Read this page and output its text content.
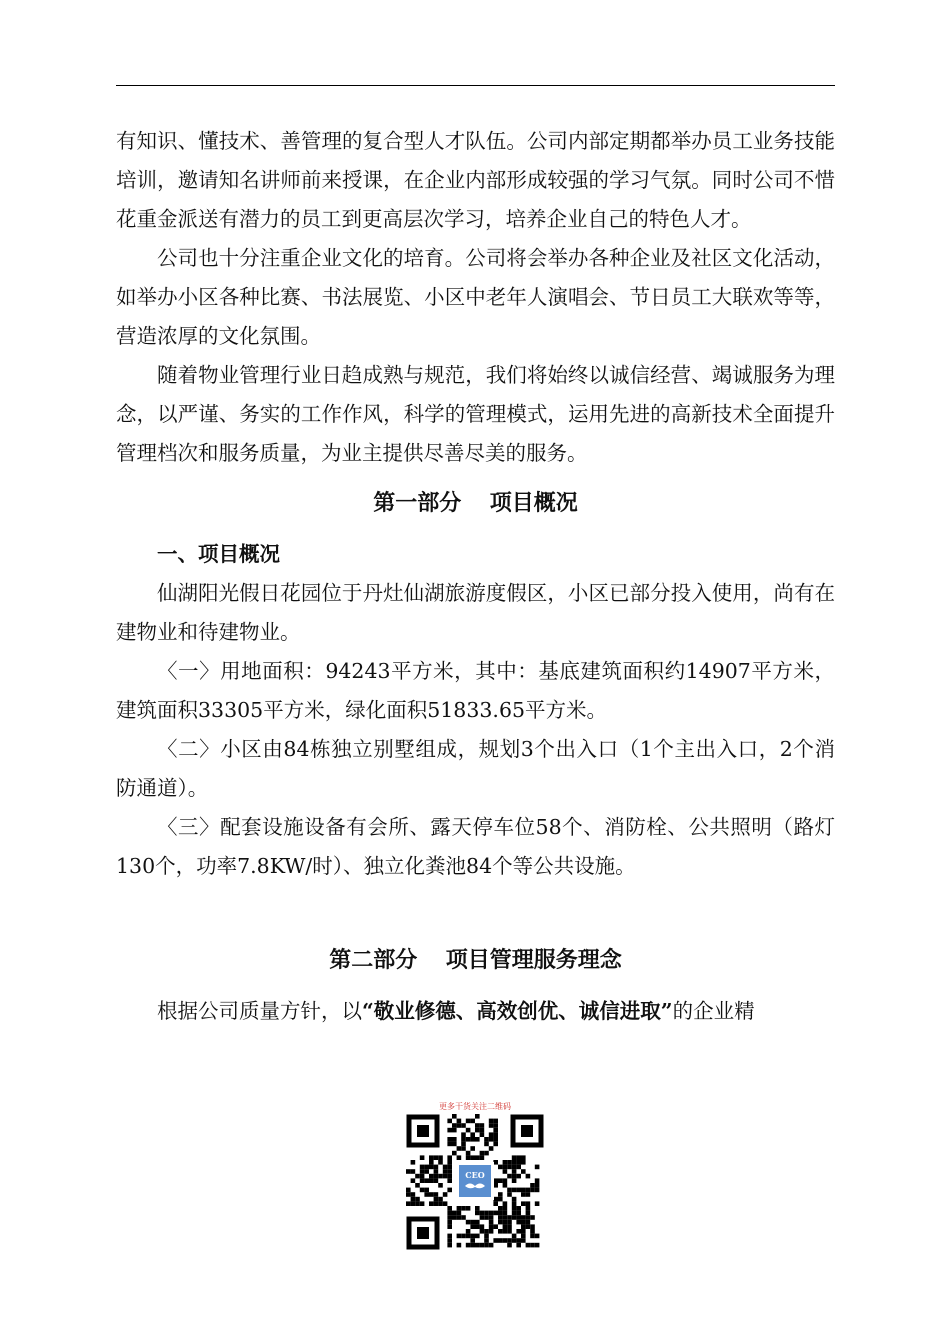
有知识、懂技术、善管理的复合型人才队伍。公司内部定期都举办员工业务技能培训，邀请知名讲师前来授课，在企业内部形成较强的学习气氛。同时公司不惜花重金派送有潜力的员工到更高层次学习，培养企业自己的特色人才。

公司也十分注重企业文化的培育。公司将会举办各种企业及社区文化活动，如举办小区各种比赛、书法展览、小区中老年人演唱会、节日员工大联欢等等，营造浓厚的文化氛围。

随着物业管理行业日趋成熟与规范，我们将始终以诚信经营、竭诚服务为理念，以严谨、务实的工作作风，科学的管理模式，运用先进的高新技术全面提升管理档次和服务质量，为业主提供尽善尽美的服务。

第一部分 项目概况

一、项目概况

仙湖阳光假日花园位于丹灶仙湖旅游度假区，小区已部分投入使用，尚有在建物业和待建物业。

〈一〉用地面积：94243平方米，其中：基底建筑面积约14907平方米，建筑面积33305平方米，绿化面积51833.65平方米。

〈二〉小区由84栋独立别墅组成，规划3个出入口（1个主出入口，2个消防通道）。

〈三〉配套设施设备有会所、露天停车位58个、消防栓、公共照明（路灯130个，功率7.8KW/时）、独立化粪池84个等公共设施。

第二部分 项目管理服务理念

根据公司质量方针，以“敬业修德、高效创优、诚信进取”的企业精

更多干货关注二维码
CEO
